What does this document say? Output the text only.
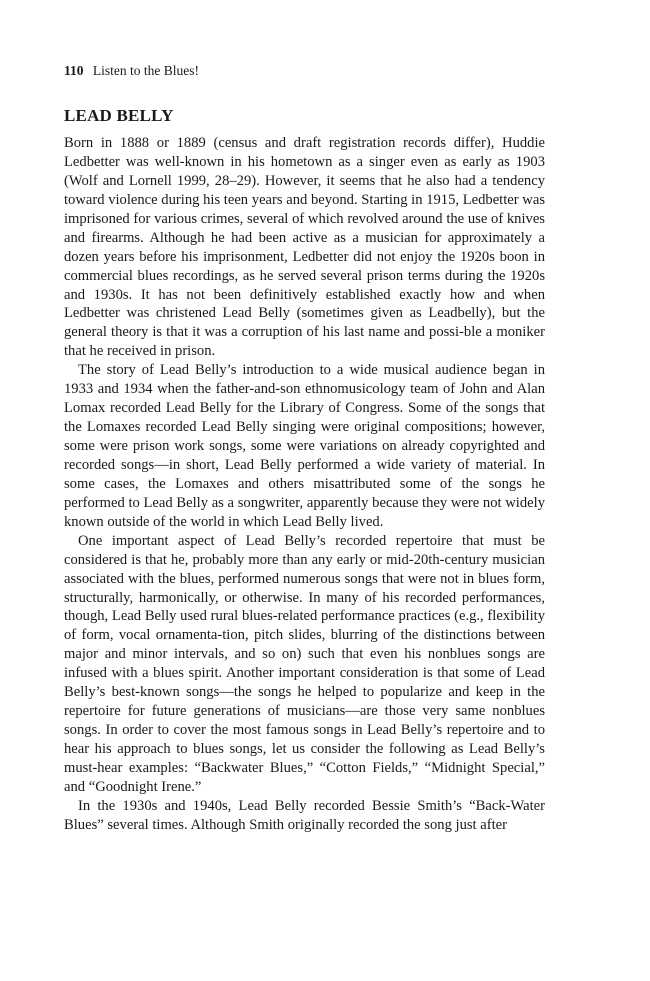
110 Listen to the Blues!
LEAD BELLY

Born in 1888 or 1889 (census and draft registration records differ), Huddie Ledbetter was well-known in his hometown as a singer even as early as 1903 (Wolf and Lornell 1999, 28–29). However, it seems that he also had a tendency toward violence during his teen years and beyond. Starting in 1915, Ledbetter was imprisoned for various crimes, several of which revolved around the use of knives and firearms. Although he had been active as a musician for approximately a dozen years before his imprisonment, Ledbetter did not enjoy the 1920s boon in commercial blues recordings, as he served several prison terms during the 1920s and 1930s. It has not been definitively established exactly how and when Ledbetter was christened Lead Belly (sometimes given as Leadbelly), but the general theory is that it was a corruption of his last name and possi-ble a moniker that he received in prison.

The story of Lead Belly’s introduction to a wide musical audience began in 1933 and 1934 when the father-and-son ethnomusicology team of John and Alan Lomax recorded Lead Belly for the Library of Congress. Some of the songs that the Lomaxes recorded Lead Belly singing were original compositions; however, some were prison work songs, some were variations on already copyrighted and recorded songs—in short, Lead Belly performed a wide variety of material. In some cases, the Lomaxes and others misattributed some of the songs he performed to Lead Belly as a songwriter, apparently because they were not widely known outside of the world in which Lead Belly lived.

One important aspect of Lead Belly’s recorded repertoire that must be considered is that he, probably more than any early or mid-20th-century musician associated with the blues, performed numerous songs that were not in blues form, structurally, harmonically, or otherwise. In many of his recorded performances, though, Lead Belly used rural blues-related performance practices (e.g., flexibility of form, vocal ornamenta-tion, pitch slides, blurring of the distinctions between major and minor intervals, and so on) such that even his nonblues songs are infused with a blues spirit. Another important consideration is that some of Lead Belly’s best-known songs—the songs he helped to popularize and keep in the repertoire for future generations of musicians—are those very same nonblues songs. In order to cover the most famous songs in Lead Belly’s repertoire and to hear his approach to blues songs, let us consider the following as Lead Belly’s must-hear examples: “Backwater Blues,” “Cotton Fields,” “Midnight Special,” and “Goodnight Irene.”

In the 1930s and 1940s, Lead Belly recorded Bessie Smith’s “Back-Water Blues” several times. Although Smith originally recorded the song just after
